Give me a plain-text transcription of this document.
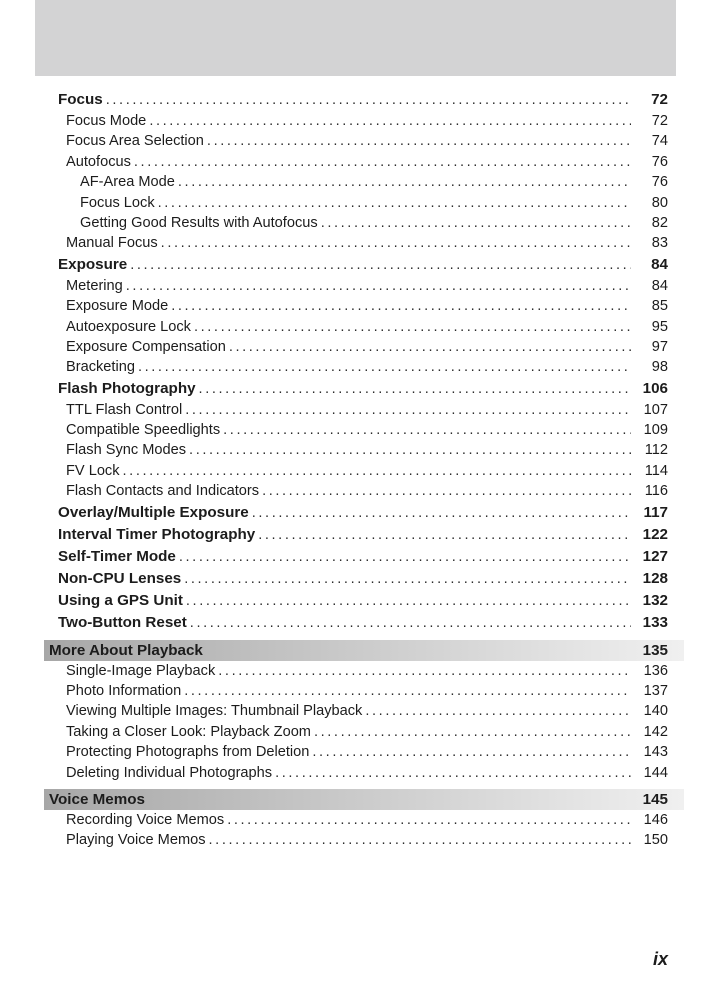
Focus .....	72
Focus Mode .....	72
Focus Area Selection .....	74
Autofocus .....	76
AF-Area Mode .....	76
Focus Lock .....	80
Getting Good Results with Autofocus .....	82
Manual Focus .....	83
Exposure .....	84
Metering .....	84
Exposure Mode .....	85
Autoexposure Lock .....	95
Exposure Compensation .....	97
Bracketing .....	98
Flash Photography .....	106
TTL Flash Control .....	107
Compatible Speedlights .....	109
Flash Sync Modes .....	112
FV Lock .....	114
Flash Contacts and Indicators .....	116
Overlay/Multiple Exposure .....	117
Interval Timer Photography .....	122
Self-Timer Mode .....	127
Non-CPU Lenses .....	128
Using a GPS Unit .....	132
Two-Button Reset .....	133
More About Playback	135
Single-Image Playback .....	136
Photo Information .....	137
Viewing Multiple Images: Thumbnail Playback .....	140
Taking a Closer Look: Playback Zoom .....	142
Protecting Photographs from Deletion .....	143
Deleting Individual Photographs .....	144
Voice Memos	145
Recording Voice Memos .....	146
Playing Voice Memos .....	150
ix
